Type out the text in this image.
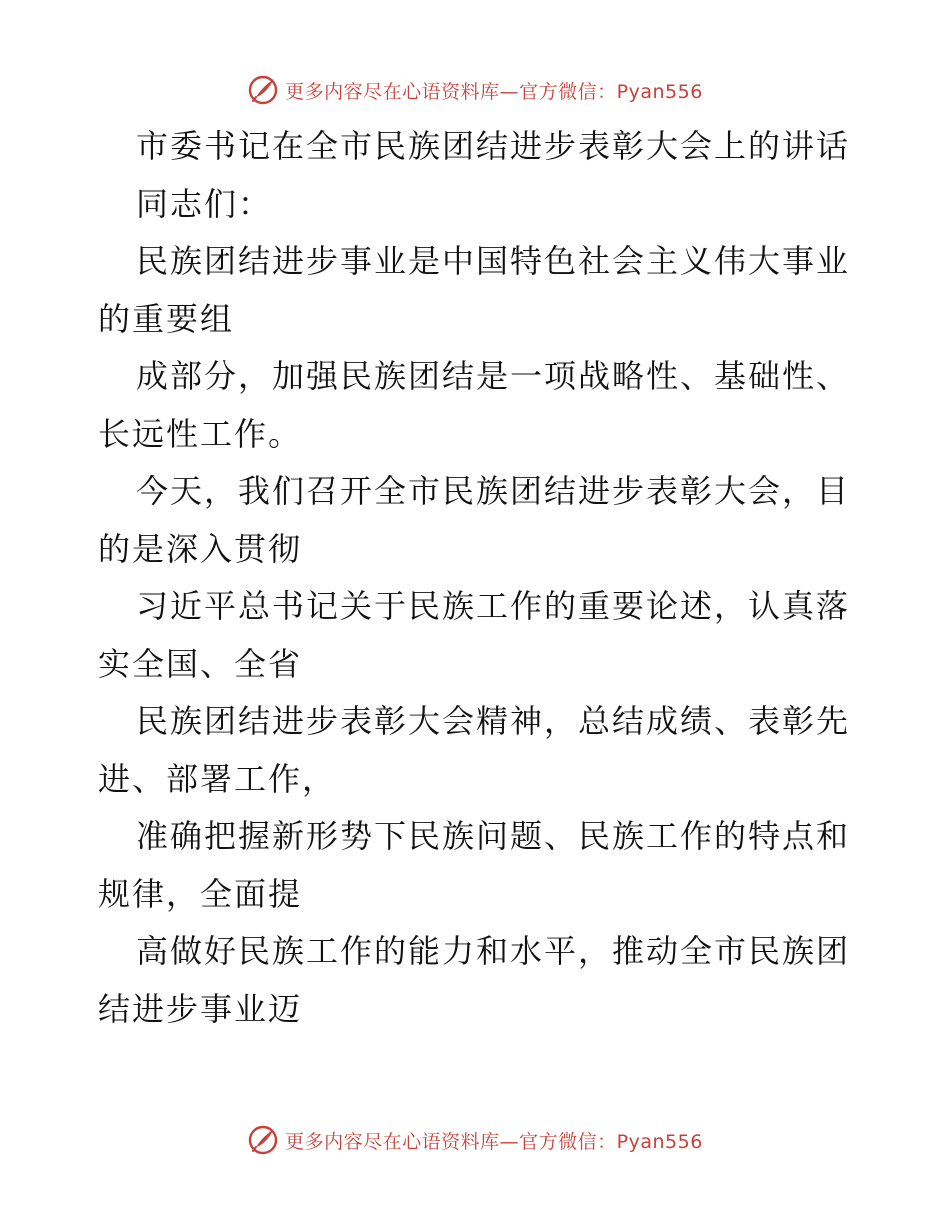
更多内容尽在心语资料库—官方微信：Pyan556
市委书记在全市民族团结进步表彰大会上的讲话
同志们：
民族团结进步事业是中国特色社会主义伟大事业
的重要组
成部分，加强民族团结是一项战略性、基础性、
长远性工作。
今天，我们召开全市民族团结进步表彰大会，目
的是深入贯彻
习近平总书记关于民族工作的重要论述，认真落
实全国、全省
民族团结进步表彰大会精神，总结成绩、表彰先
进、部署工作，
准确把握新形势下民族问题、民族工作的特点和
规律，全面提
高做好民族工作的能力和水平，推动全市民族团
结进步事业迈
更多内容尽在心语资料库—官方微信：Pyan556
